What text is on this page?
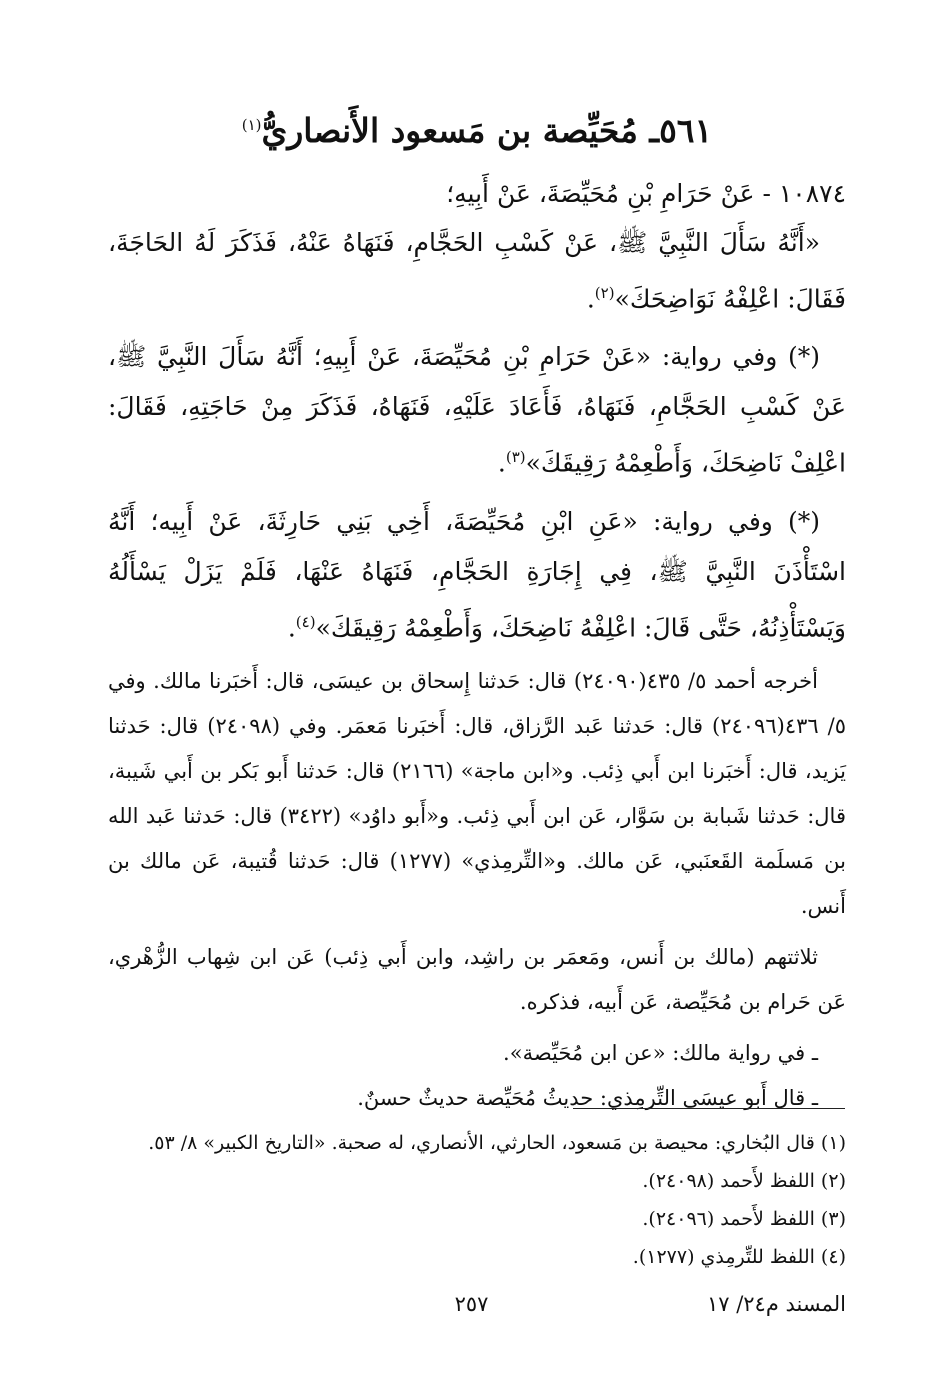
٥٦١ـ مُحَيِّصة بن مَسعود الأَنصاريُّ$^{(١)}$

١٠٨٧٤ - عَنْ حَرَامِ بْنِ مُحَيِّصَةَ، عَنْ أَبِيهِ؛

«أَنَّهُ سَأَلَ النَّبِيَّ ﷺ، عَنْ كَسْبِ الحَجَّامِ، فَنَهَاهُ عَنْهُ، فَذَكَرَ لَهُ الحَاجَةَ، فَقَالَ: اعْلِفْهُ نَوَاضِحَكَ»$^{(٢)}$.

(*) وفي رواية: «عَنْ حَرَامِ بْنِ مُحَيِّصَةَ، عَنْ أَبِيهِ؛ أَنَّهُ سَأَلَ النَّبِيَّ ﷺ، عَنْ كَسْبِ الحَجَّامِ، فَنَهَاهُ، فَأَعَادَ عَلَيْهِ، فَنَهَاهُ، فَذَكَرَ مِنْ حَاجَتِهِ، فَقَالَ: اعْلِفْ نَاضِحَكَ، وَأَطْعِمْهُ رَقِيقَكَ»$^{(٣)}$.

(*) وفي رواية: «عَنِ ابْنِ مُحَيِّصَةَ، أَخِي بَنِي حَارِثَةَ، عَنْ أَبِيه؛ أَنَّهُ اسْتَأْذَنَ النَّبِيَّ ﷺ، فِي إِجَارَةِ الحَجَّامِ، فَنَهَاهُ عَنْهَا، فَلَمْ يَزَلْ يَسْأَلُهُ وَيَسْتَأْذِنُهُ، حَتَّى قَالَ: اعْلِفْهُ نَاضِحَكَ، وَأَطْعِمْهُ رَقِيقَكَ»$^{(٤)}$.

أخرجه أحمد ٥/ ٤٣٥(٢٤٠٩٠) قال: حَدثنا إِسحاق بن عيسَى، قال: أَخبَرنا مالك. وفي ٥/ ٤٣٦(٢٤٠٩٦) قال: حَدثنا عَبد الرَّزاق، قال: أَخبَرنا مَعمَر. وفي (٢٤٠٩٨) قال: حَدثنا يَزيد، قال: أَخبَرنا ابن أَبي ذِئب. و«ابن ماجة» (٢١٦٦) قال: حَدثنا أَبو بَكر بن أَبي شَيبة، قال: حَدثنا شَبابة بن سَوَّار، عَن ابن أَبي ذِئب. و«أَبو داوُد» (٣٤٢٢) قال: حَدثنا عَبد الله بن مَسلَمة القَعنَبي، عَن مالك. و«التِّرمِذي» (١٢٧٧) قال: حَدثنا قُتيبة، عَن مالك بن أَنس.

ثلاثتهم (مالك بن أَنس، ومَعمَر بن راشِد، وابن أَبي ذِئب) عَن ابن شِهاب الزُّهْري، عَن حَرام بن مُحَيِّصة، عَن أَبيه، فذكره.

ـ في رواية مالك: «عن ابن مُحَيِّصة».

ـ قال أَبو عيسَى التِّرمِذي: حديثُ مُحَيِّصة حديثٌ حسنٌ.

(١) قال البُخاري: محيصة بن مَسعود، الحارثي، الأنصاري، له صحبة. «التاريخ الكبير» ٨/ ٥٣.

(٢) اللفظ لأَحمد (٢٤٠٩٨).

(٣) اللفظ لأَحمد (٢٤٠٩٦).

(٤) اللفظ للتِّرمِذي (١٢٧٧).

المسند م٢٤/ ١٧
٢٥٧
